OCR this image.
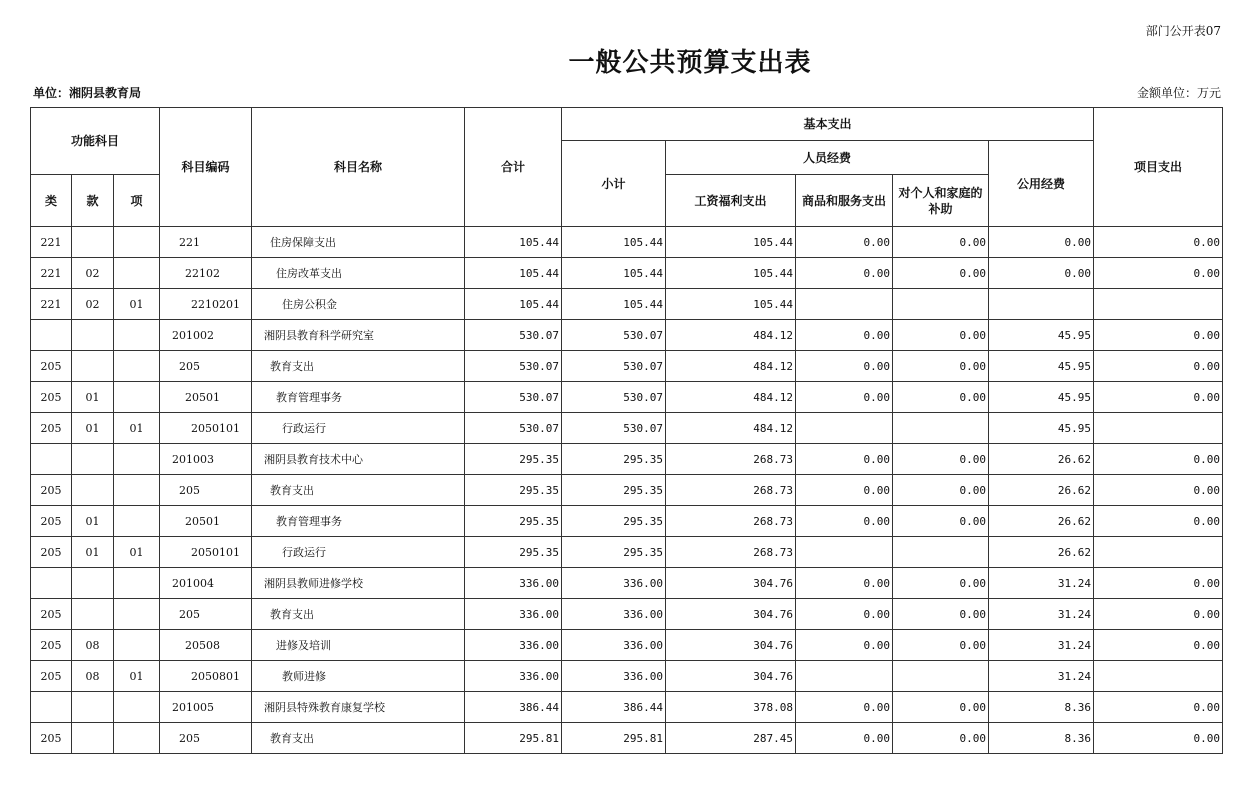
部门公开表07
一般公共预算支出表
单位：湘阴县教育局	金额单位：万元
功能科目			科目编码	科目名称	合计	基本支出					项目支出
						小计	人员经费			公用经费	
类	款	项					工资福利支出	商品和服务支出	对个人和家庭的补助		
221			221	住房保障支出	105.44	105.44	105.44	0.00	0.00	0.00	0.00
221	02		22102	住房改革支出	105.44	105.44	105.44	0.00	0.00	0.00	0.00
221	02	01	2210201	住房公积金	105.44	105.44	105.44				
			201002	湘阴县教育科学研究室	530.07	530.07	484.12	0.00	0.00	45.95	0.00
205			205	教育支出	530.07	530.07	484.12	0.00	0.00	45.95	0.00
205	01		20501	教育管理事务	530.07	530.07	484.12	0.00	0.00	45.95	0.00
205	01	01	2050101	行政运行	530.07	530.07	484.12			45.95	
			201003	湘阴县教育技术中心	295.35	295.35	268.73	0.00	0.00	26.62	0.00
205			205	教育支出	295.35	295.35	268.73	0.00	0.00	26.62	0.00
205	01		20501	教育管理事务	295.35	295.35	268.73	0.00	0.00	26.62	0.00
205	01	01	2050101	行政运行	295.35	295.35	268.73			26.62	
			201004	湘阴县教师进修学校	336.00	336.00	304.76	0.00	0.00	31.24	0.00
205			205	教育支出	336.00	336.00	304.76	0.00	0.00	31.24	0.00
205	08		20508	进修及培训	336.00	336.00	304.76	0.00	0.00	31.24	0.00
205	08	01	2050801	教师进修	336.00	336.00	304.76			31.24	
			201005	湘阴县特殊教育康复学校	386.44	386.44	378.08	0.00	0.00	8.36	0.00
205			205	教育支出	295.81	295.81	287.45	0.00	0.00	8.36	0.00
